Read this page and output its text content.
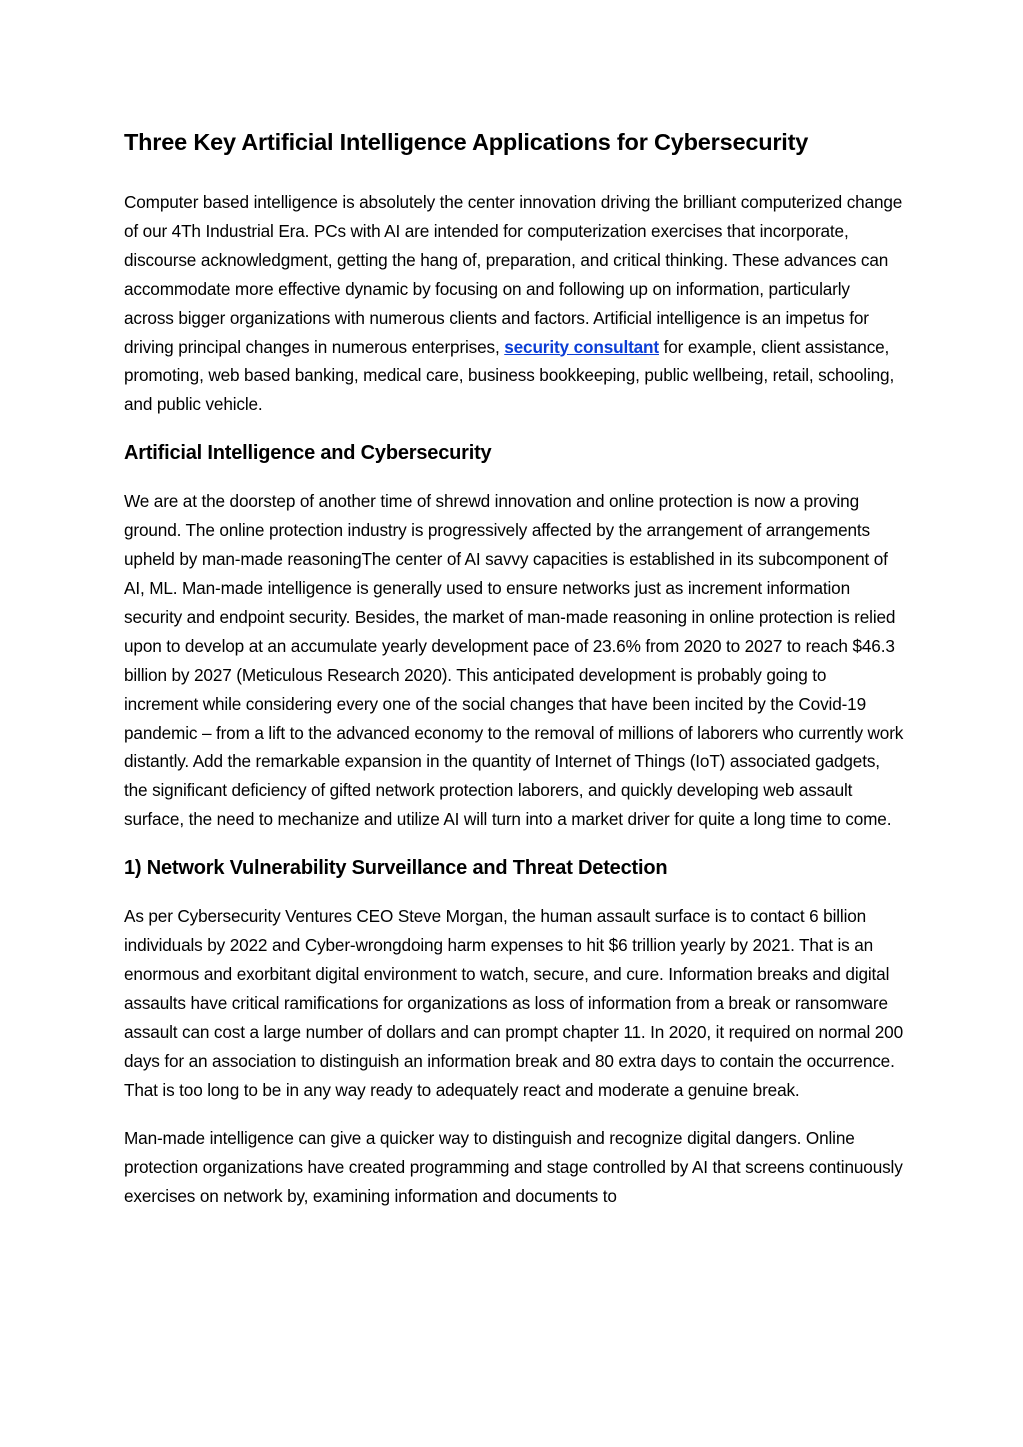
Three Key Artificial Intelligence Applications for Cybersecurity

Computer based intelligence is absolutely the center innovation driving the brilliant computerized change of our 4Th Industrial Era. PCs with AI are intended for computerization exercises that incorporate, discourse acknowledgment, getting the hang of, preparation, and critical thinking. These advances can accommodate more effective dynamic by focusing on and following up on information, particularly across bigger organizations with numerous clients and factors. Artificial intelligence is an impetus for driving principal changes in numerous enterprises, security consultant for example, client assistance, promoting, web based banking, medical care, business bookkeeping, public wellbeing, retail, schooling, and public vehicle.

Artificial Intelligence and Cybersecurity

We are at the doorstep of another time of shrewd innovation and online protection is now a proving ground. The online protection industry is progressively affected by the arrangement of arrangements upheld by man-made reasoningThe center of AI savvy capacities is established in its subcomponent of AI, ML. Man-made intelligence is generally used to ensure networks just as increment information security and endpoint security. Besides, the market of man-made reasoning in online protection is relied upon to develop at an accumulate yearly development pace of 23.6% from 2020 to 2027 to reach $46.3 billion by 2027 (Meticulous Research 2020). This anticipated development is probably going to increment while considering every one of the social changes that have been incited by the Covid-19 pandemic – from a lift to the advanced economy to the removal of millions of laborers who currently work distantly. Add the remarkable expansion in the quantity of Internet of Things (IoT) associated gadgets, the significant deficiency of gifted network protection laborers, and quickly developing web assault surface, the need to mechanize and utilize AI will turn into a market driver for quite a long time to come.

1) Network Vulnerability Surveillance and Threat Detection

As per Cybersecurity Ventures CEO Steve Morgan, the human assault surface is to contact 6 billion individuals by 2022 and Cyber-wrongdoing harm expenses to hit $6 trillion yearly by 2021. That is an enormous and exorbitant digital environment to watch, secure, and cure. Information breaks and digital assaults have critical ramifications for organizations as loss of information from a break or ransomware assault can cost a large number of dollars and can prompt chapter 11. In 2020, it required on normal 200 days for an association to distinguish an information break and 80 extra days to contain the occurrence. That is too long to be in any way ready to adequately react and moderate a genuine break.

Man-made intelligence can give a quicker way to distinguish and recognize digital dangers. Online protection organizations have created programming and stage controlled by AI that screens continuously exercises on network by, examining information and documents to
